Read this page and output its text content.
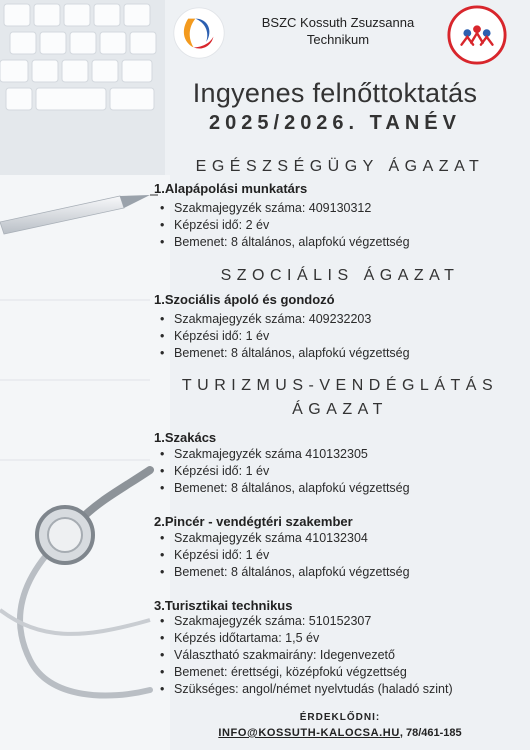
BSZC Kossuth Zsuzsanna
Technikum
Ingyenes felnőttoktatás
2025/2026. TANÉV
EGÉSZSÉGÜGY ÁGAZAT
1.Alapápolási munkatárs
• Szakmajegyzék száma: 409130312
• Képzési idő: 2 év
• Bemenet: 8 általános, alapfokú végzettség
SZOCIÁLIS ÁGAZAT
1.Szociális ápoló és gondozó
• Szakmajegyzék száma: 409232203
• Képzési idő: 1 év
• Bemenet: 8 általános, alapfokú végzettség
TURIZMUS-VENDÉGLÁTÁS
ÁGAZAT
1.Szakács
• Szakmajegyzék száma 410132305
• Képzési idő: 1 év
• Bemenet: 8 általános, alapfokú végzettség
2.Pincér - vendégtéri szakember
• Szakmajegyzék száma 410132304
• Képzési idő: 1 év
• Bemenet: 8 általános, alapfokú végzettség
3.Turisztikai technikus
• Szakmajegyzék száma: 510152307
• Képzés időtartama: 1,5 év
• Választható szakmairány: Idegenvezető
• Bemenet: érettségi, középfokú végzettség
• Szükséges: angol/német nyelvtudás (haladó szint)
ÉRDEKLŐDNI:
INFO@KOSSUTH-KALOCSA.HU, 78/461-185
